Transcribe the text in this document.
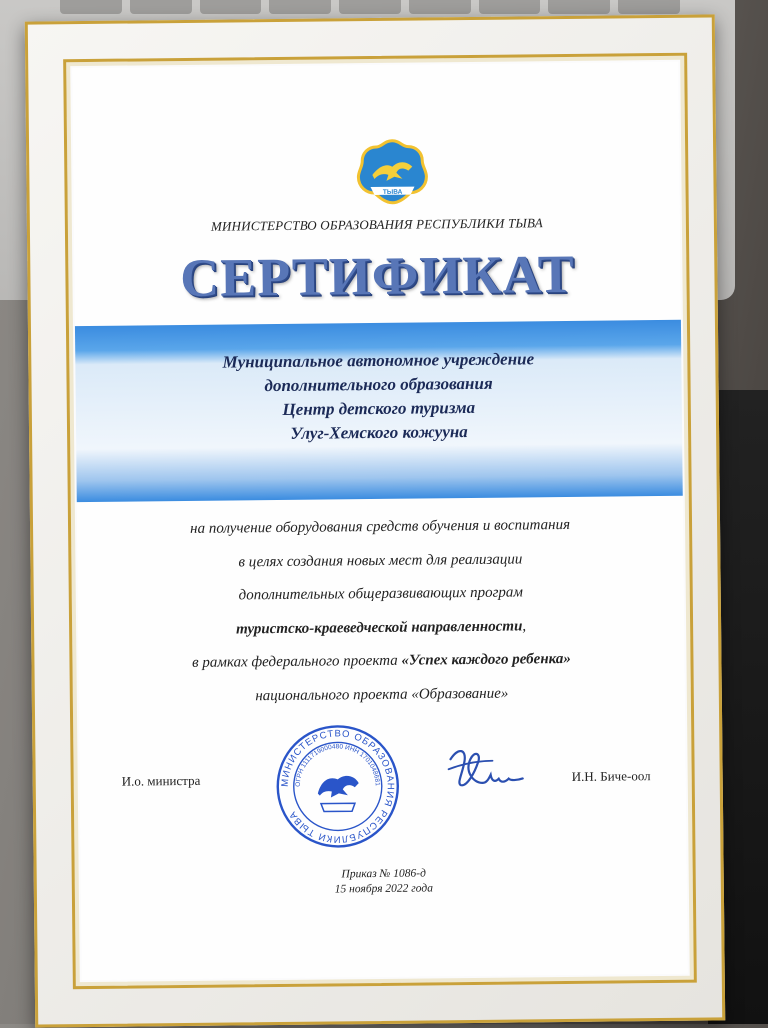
ТЫВА
МИНИСТЕРСТВО ОБРАЗОВАНИЯ РЕСПУБЛИКИ ТЫВА
СЕРТИФИКАТ
Муниципальное автономное учреждение
дополнительного образования
Центр детского туризма
Улуг-Хемского кожууна
на получение оборудования средств обучения и воспитания
в целях создания новых мест для реализации
дополнительных общеразвивающих програм
туристско-краеведческой направленности,
в рамках федерального проекта «Успех каждого ребенка»
национального проекта «Образование»
МИНИСТЕРСТВО ОБРАЗОВАНИЯ РЕСПУБЛИКИ ТЫВА
ОГРН 1111719000480 ИНН 1701048681
И.о. министра	И.Н. Биче-оол
Приказ № 1086-д
15 ноября 2022 года
